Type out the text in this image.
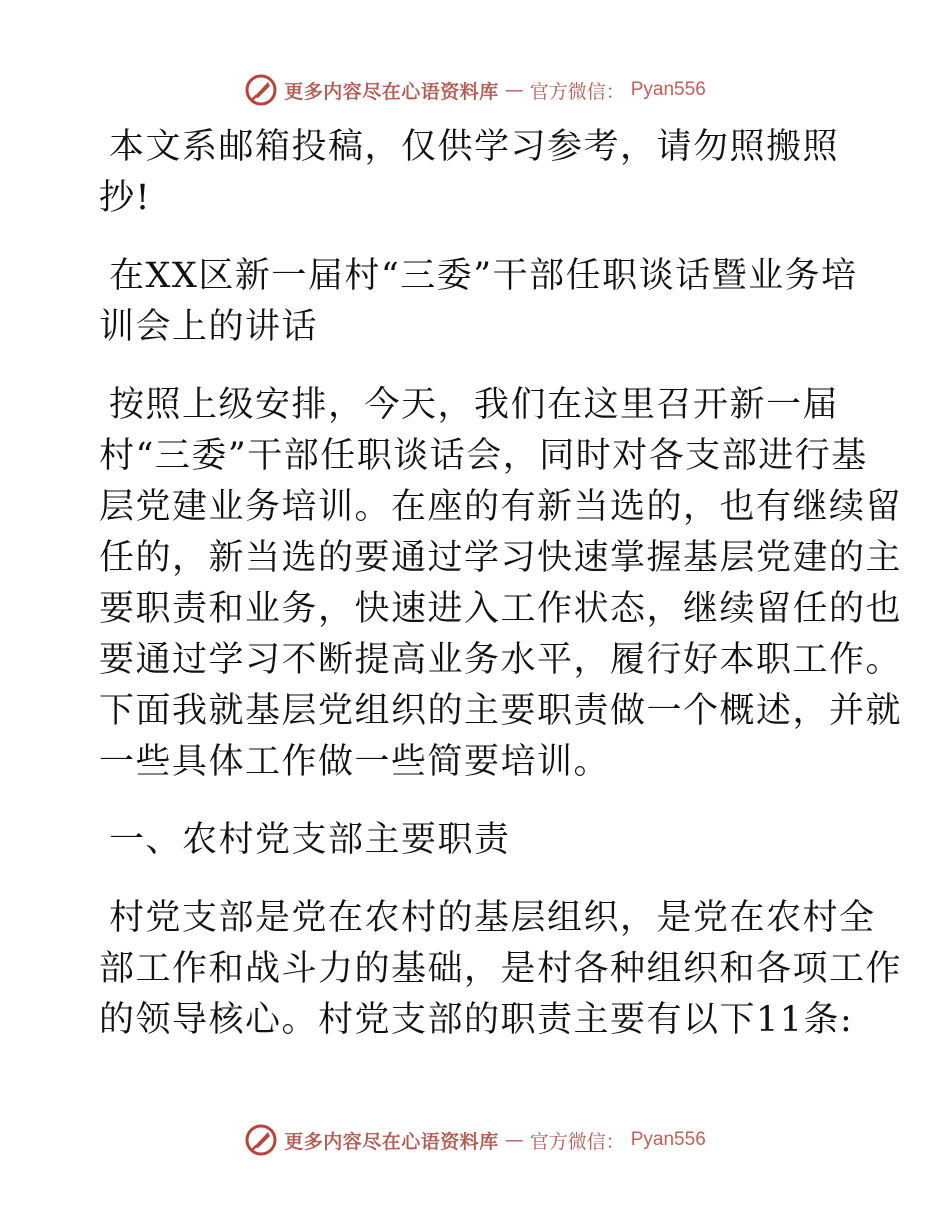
更多内容尽在心语资料库 — 官方微信： Pyan556

本文系邮箱投稿，仅供学习参考，请勿照搬照
抄!

在XX区新一届村“三委”干部任职谈话暨业务培
训会上的讲话

按照上级安排，今天，我们在这里召开新一届
村“三委”干部任职谈话会，同时对各支部进行基
层党建业务培训。在座的有新当选的，也有继续留
任的，新当选的要通过学习快速掌握基层党建的主
要职责和业务，快速进入工作状态，继续留任的也
要通过学习不断提高业务水平，履行好本职工作。
下面我就基层党组织的主要职责做一个概述，并就
一些具体工作做一些简要培训。

一、农村党支部主要职责

村党支部是党在农村的基层组织，是党在农村全
部工作和战斗力的基础，是村各种组织和各项工作
的领导核心。村党支部的职责主要有以下11条:

更多内容尽在心语资料库 — 官方微信： Pyan556
